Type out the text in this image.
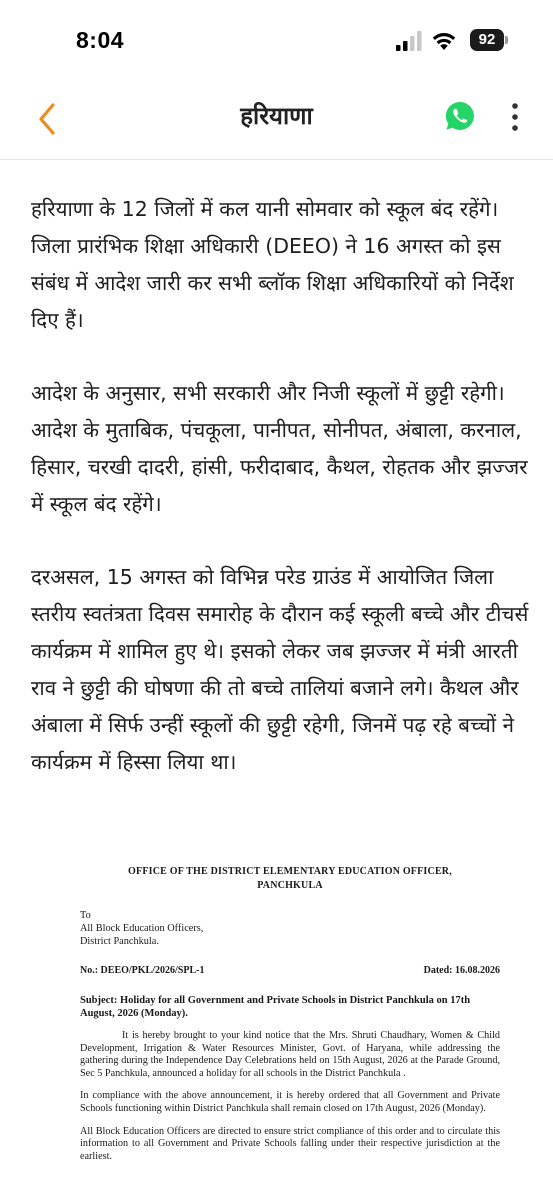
8:04	92
हरियाणा

हरियाणा के 12 जिलों में कल यानी सोमवार को स्कूल बंद रहेंगे। जिला प्रारंभिक शिक्षा अधिकारी (DEEO) ने 16 अगस्त को इस संबंध में आदेश जारी कर सभी ब्लॉक शिक्षा अधिकारियों को निर्देश दिए हैं।

आदेश के अनुसार, सभी सरकारी और निजी स्कूलों में छुट्टी रहेगी। आदेश के मुताबिक, पंचकूला, पानीपत, सोनीपत, अंबाला, करनाल, हिसार, चरखी दादरी, हांसी, फरीदाबाद, कैथल, रोहतक और झज्जर में स्कूल बंद रहेंगे।

दरअसल, 15 अगस्त को विभिन्न परेड ग्राउंड में आयोजित जिला स्तरीय स्वतंत्रता दिवस समारोह के दौरान कई स्कूली बच्चे और टीचर्स कार्यक्रम में शामिल हुए थे। इसको लेकर जब झज्जर में मंत्री आरती राव ने छुट्टी की घोषणा की तो बच्चे तालियां बजाने लगे। कैथल और अंबाला में सिर्फ उन्हीं स्कूलों की छुट्टी रहेगी, जिनमें पढ़ रहे बच्चों ने कार्यक्रम में हिस्सा लिया था।

OFFICE OF THE DISTRICT ELEMENTARY EDUCATION OFFICER,
PANCHKULA
To
All Block Education Officers,
District Panchkula.
No.: DEEO/PKL/2026/SPL-1	Dated: 16.08.2026
Subject: Holiday for all Government and Private Schools in District Panchkula on 17th August, 2026 (Monday).

It is hereby brought to your kind notice that the Mrs. Shruti Chaudhary, Women & Child Development, Irrigation & Water Resources Minister, Govt. of Haryana, while addressing the gathering during the Independence Day Celebrations held on 15th August, 2026 at the Parade Ground, Sec 5 Panchkula, announced a holiday for all schools in the District Panchkula .

In compliance with the above announcement, it is hereby ordered that all Government and Private Schools functioning within District Panchkula shall remain closed on 17th August, 2026 (Monday).

All Block Education Officers are directed to ensure strict compliance of this order and to circulate this information to all Government and Private Schools falling under their respective jurisdiction at the earliest.
